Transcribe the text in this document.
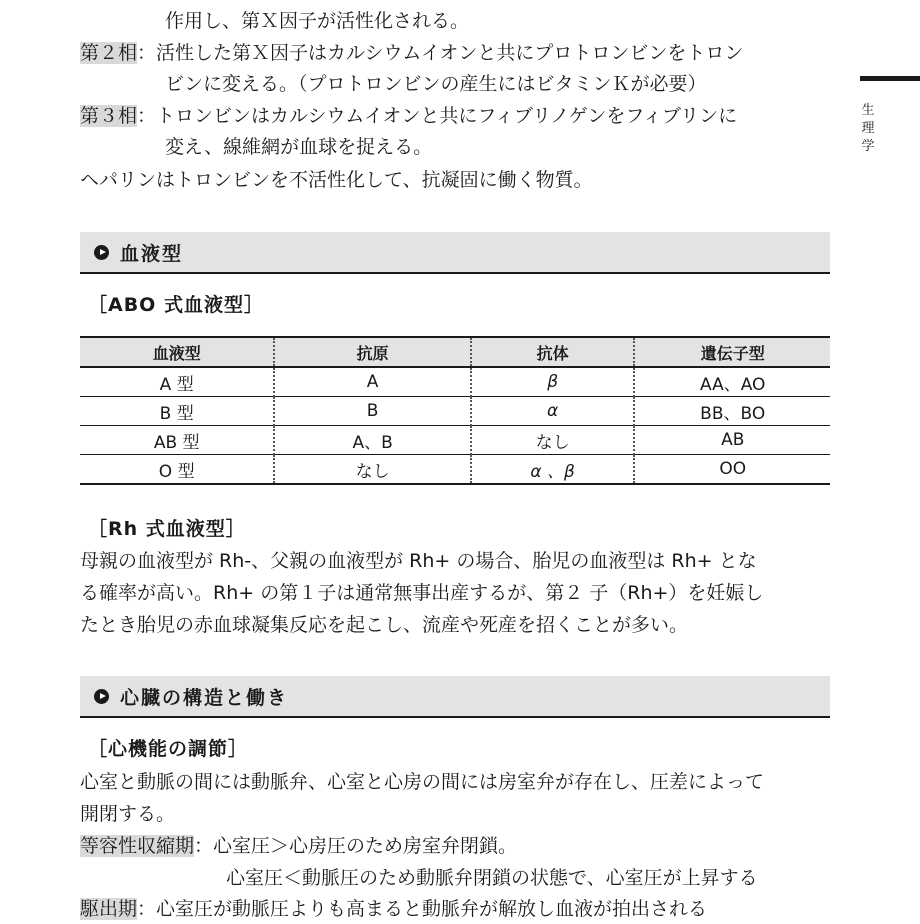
作用し、第Ｘ因子が活性化される。
第２相：活性した第Ｘ因子はカルシウムイオンと共にプロトロンビンをトロン
ビンに変える。（プロトロンビンの産生にはビタミンＫが必要）
第３相：トロンビンはカルシウムイオンと共にフィブリノゲンをフィブリンに
変え、線維網が血球を捉える。
ヘパリンはトロンビンを不活性化して、抗凝固に働く物質。
生
理
学
血液型
［ABO 式血液型］
血液型	抗原	抗体	遺伝子型
A 型	A	β	AA、AO
B 型	B	α	BB、BO
AB 型	A、B	なし	AB
O 型	なし	α 、β	OO
［Rh 式血液型］
母親の血液型が Rh-、父親の血液型が Rh+ の場合、胎児の血液型は Rh+ とな
る確率が高い。Rh+ の第１子は通常無事出産するが、第２ 子（Rh+）を妊娠し
たとき胎児の赤血球凝集反応を起こし、流産や死産を招くことが多い。
心臓の構造と働き
［心機能の調節］
心室と動脈の間には動脈弁、心室と心房の間には房室弁が存在し、圧差によって
開閉する。
等容性収縮期：心室圧＞心房圧のため房室弁閉鎖。
心室圧＜動脈圧のため動脈弁閉鎖の状態で、心室圧が上昇する
駆出期：心室圧が動脈圧よりも高まると動脈弁が解放し血液が拍出される
